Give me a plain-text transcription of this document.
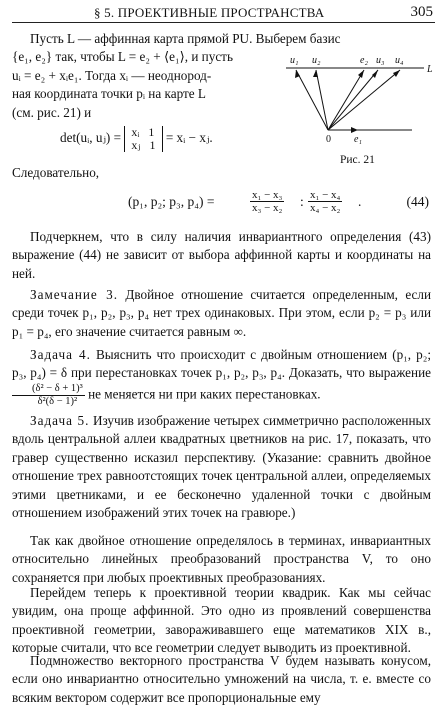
§ 5. ПРОЕКТИВНЫЕ ПРОСТРАНСТВА	305
Пусть L — аффинная карта прямой PU. Выберем базис
{e₁, e₂} так, чтобы L = e₂ + ⟨e₁⟩, и пусть
uᵢ = e₂ + xᵢe₁. Тогда xᵢ — неоднород-
ная координата точки pᵢ на карте L
(см. рис. 21) и
det(uᵢ, uⱼ) = xᵢ   1
xⱼ   1 = xᵢ − xⱼ.
u₁ u₂	e₂ u₃ u₄
L
0 e₁
Рис. 21
Следовательно,
(p₁, p₂; p₃, p₄) =	$\frac{\text{x₁ − x₃}}{\text{x₃ − x₂}}$ : $\frac{\text{x₁ − x₄}}{\text{x₄ − x₂}}$ .	(44)

Подчеркнем, что в силу наличия инвариантного определения (43) выражение (44) не зависит от выбора аффинной карты и координаты на ней.

Замечание 3. Двойное отношение считается определенным, если среди точек p₁, p₂, p₃, p₄ нет трех одинаковых. При этом, если p₂ = p₃ или p₁ = p₄, его значение считается равным ∞.

Задача 4. Выяснить что происходит с двойным отношением (p₁, p₂; p₃, p₄) = δ при перестановках точек p₁, p₂, p₃, p₄. Доказать, что выражение
$\frac{\text{(δ² − δ + 1)³}}{\text{δ²(δ − 1)²}}$ не меняется ни при каких перестановках.

Задача 5. Изучив изображение четырех симметрично расположенных вдоль центральной аллеи квадратных цветников на рис. 17, показать, что гравер существенно исказил перспективу. (Указание: сравнить двойное отношение трех равноотстоящих точек центральной аллеи, определяемых этими цветниками, и ее бесконечно удаленной точки с двойным отношением изображений этих точек на гравюре.)

Так как двойное отношение определялось в терминах, инвариантных относительно линейных преобразований пространства V, то оно сохраняется при любых проективных преобразованиях.

Перейдем теперь к проективной теории квадрик. Как мы сейчас увидим, она проще аффинной. Это одно из проявлений совершенства проективной геометрии, завораживавшего еще математиков XIX в., которые считали, что все геометрии следует выводить из проективной.

Подмножество векторного пространства V будем называть конусом, если оно инвариантно относительно умножений на числа, т. е. вместе со всяким вектором содержит все пропорциональные ему
